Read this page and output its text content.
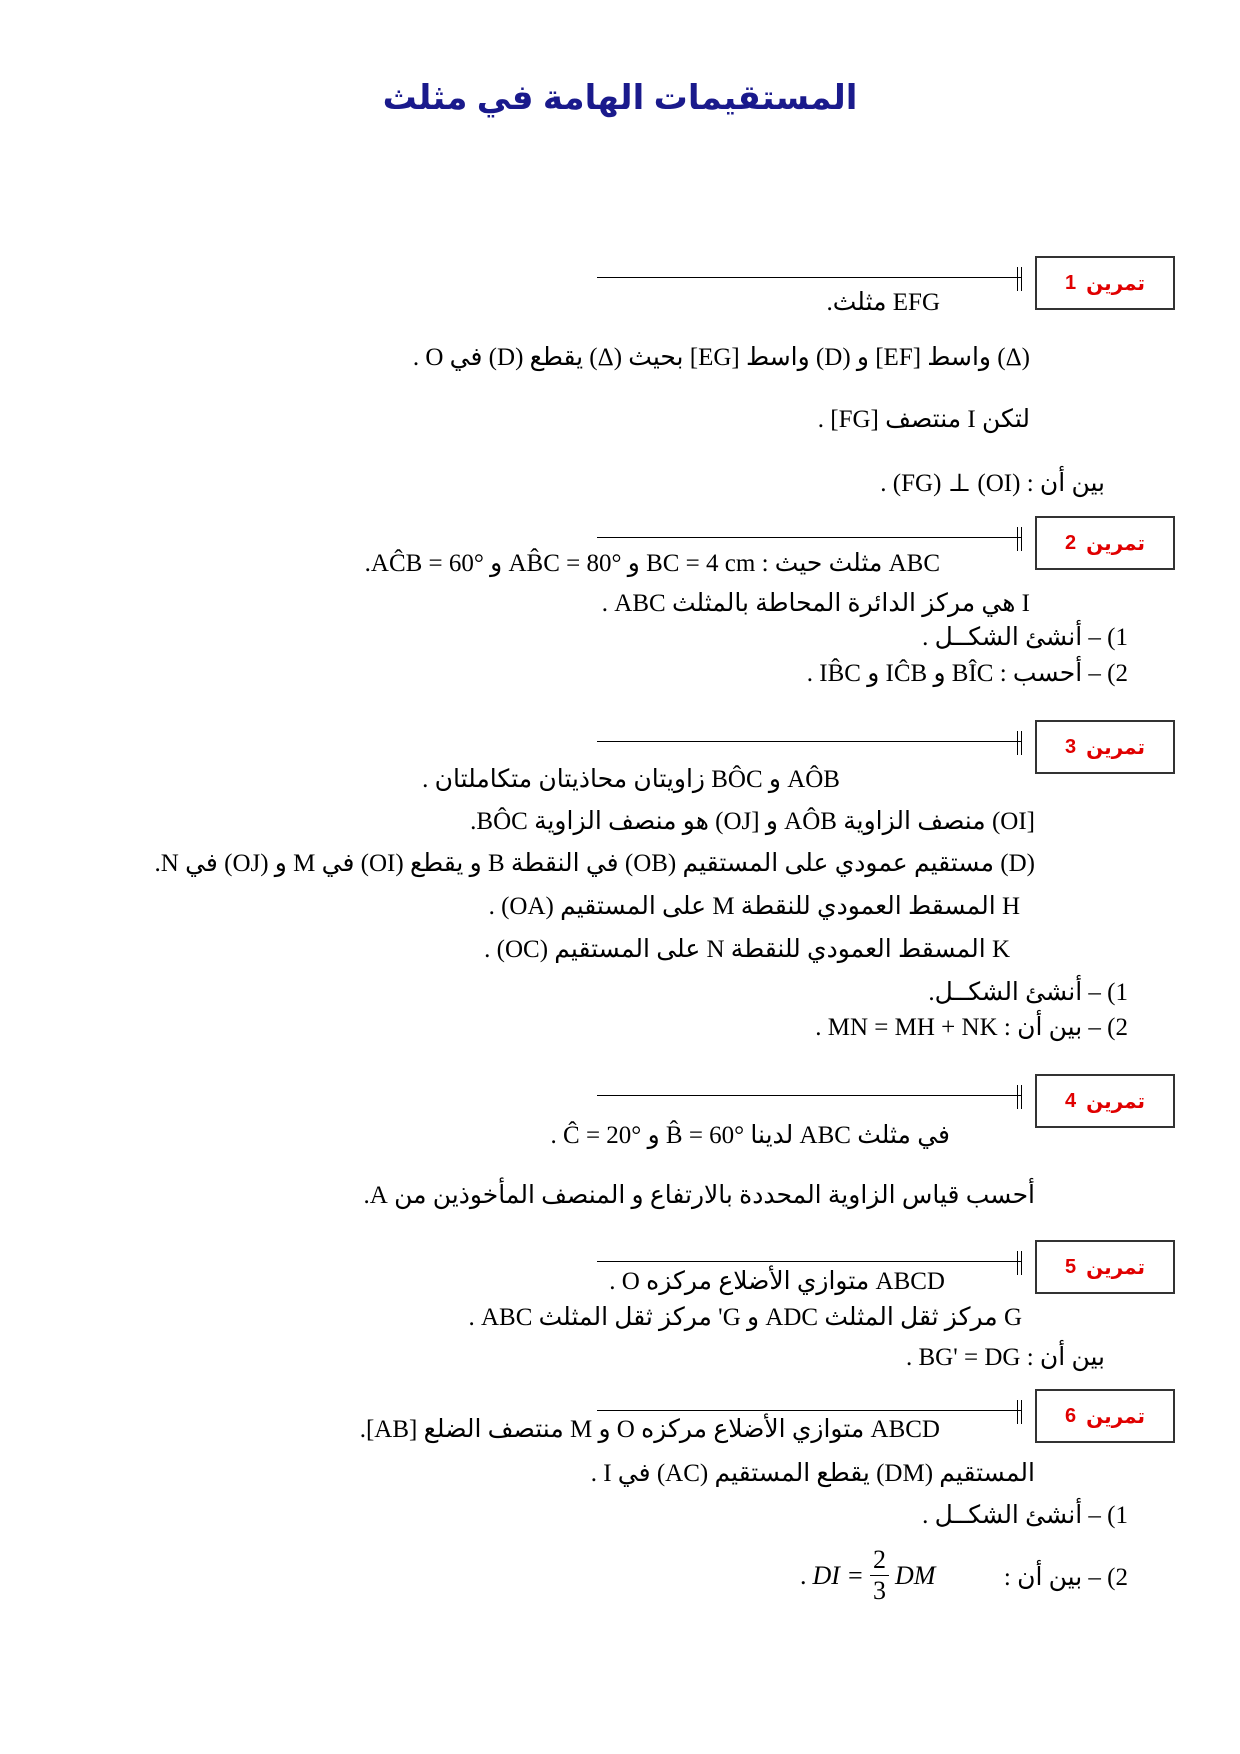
المستقيمات الهامة في مثلث
تمرين
1
EFG مثلث.
(Δ) واسط [EF] و (D) واسط [EG] بحيث (Δ) يقطع (D) في O .
لتكن I منتصف [FG] .
بين أن : (OI) ⊥ (FG) .
تمرين
2
ABC مثلث حيث : BC = 4 cm و AB̂C = 80° و AĈB = 60°.
I هي مركز الدائرة المحاطة بالمثلث ABC .
1) – أنشئ الشكــل .
2) – أحسب : BÎC و IĈB و IB̂C .
تمرين
3
AÔB و BÔC زاويتان محاذيتان متكاملتان .
[OI) منصف الزاوية AÔB و [OJ) هو منصف الزاوية BÔC.
(D) مستقيم عمودي على المستقيم (OB) في النقطة B و يقطع (OI) في M و (OJ) في N.
H المسقط العمودي للنقطة M على المستقيم (OA) .
K المسقط العمودي للنقطة N على المستقيم (OC) .
1) – أنشئ الشكــل.
2) – بين أن : MN = MH + NK .
تمرين
4
في مثلث ABC لدينا B̂ = 60° و Ĉ = 20° .
أحسب قياس الزاوية المحددة بالارتفاع و المنصف المأخوذين من A.
تمرين
5
ABCD متوازي الأضلاع مركزه O .
G مركز ثقل المثلث ADC و G' مركز ثقل المثلث ABC .
بين أن : BG' = DG .
تمرين
6
ABCD متوازي الأضلاع مركزه O و M منتصف الضلع [AB].
المستقيم (DM) يقطع المستقيم (AC) في I .
1) – أنشئ الشكــل .
2) – بين أن :
. DI = $\frac{2}{3}$ DM
